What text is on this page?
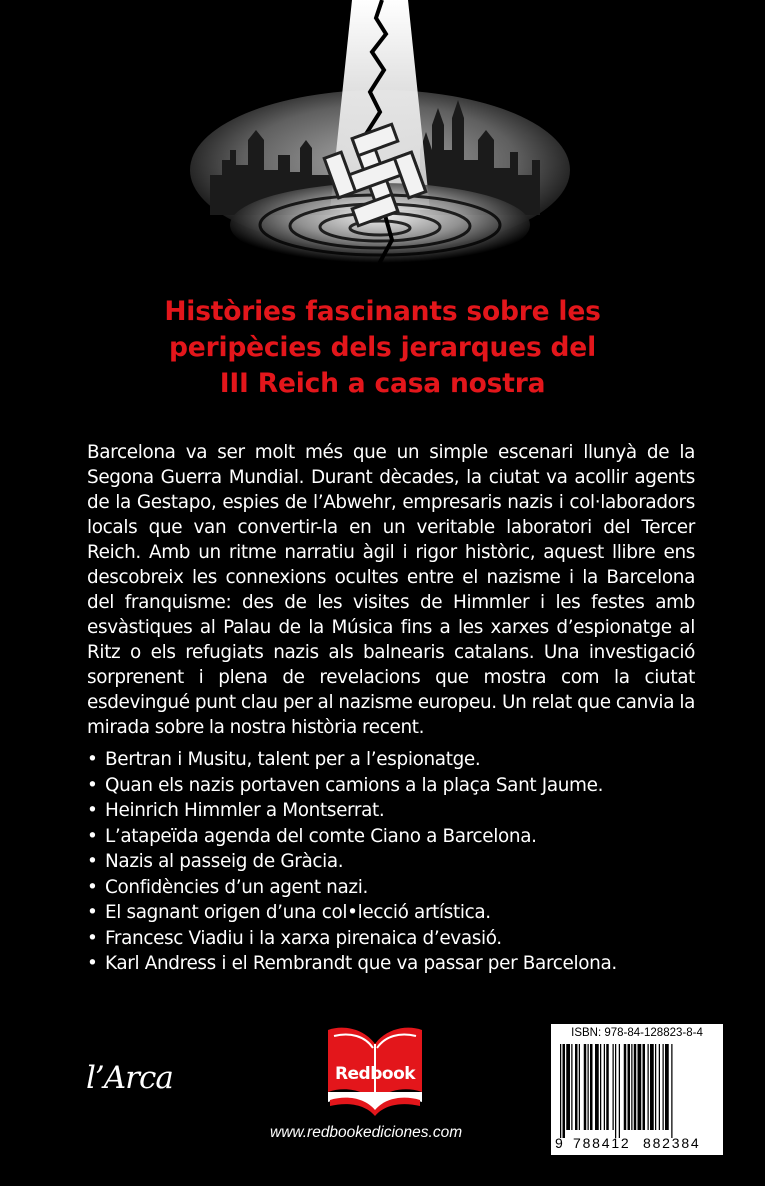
Històries fascinants sobre les
peripècies dels jerarques del
III Reich a casa nostra
Barcelona va ser molt més que un simple escenari llunyà de la Segona Guerra Mundial. Durant dècades, la ciutat va acollir agents de la Gestapo, espies de l’Abwehr, empresaris nazis i col·laboradors locals que van convertir-la en un veritable laboratori del Tercer Reich. Amb un ritme narratiu àgil i rigor històric, aquest llibre ens descobreix les connexions ocultes entre el nazisme i la Barcelona del franquisme: des de les visites de Himmler i les festes amb esvàstiques al Palau de la Música fins a les xarxes d’espionatge al Ritz o els refugiats nazis als balnearis catalans. Una investigació sorprenent i plena de revelacions que mostra com la ciutat esdevingué punt clau per al nazisme europeu. Un relat que canvia la mirada sobre la nostra història recent.
• Bertran i Musitu, talent per a l’espionatge.
• Quan els nazis portaven camions a la plaça Sant Jaume.
• Heinrich Himmler a Montserrat.
• L’atapeïda agenda del comte Ciano a Barcelona.
• Nazis al passeig de Gràcia.
• Confidències d’un agent nazi.
• El sagnant origen d’una col•lecció artística.
• Francesc Viadiu i la xarxa pirenaica d’evasió.
• Karl Andress i el Rembrandt que va passar per Barcelona.
l’Arca	Redbook
www.redbookediciones.com
ISBN: 978-84-128823-8-4
9 788412 882384
